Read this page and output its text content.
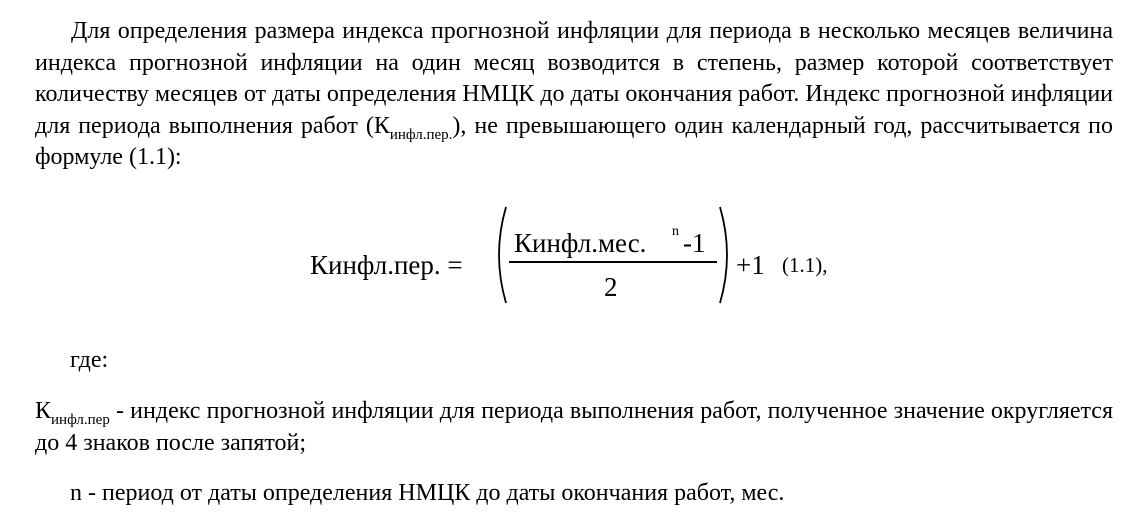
Для определения размера индекса прогнозной инфляции для периода в несколько месяцев величина индекса прогнозной инфляции на один месяц возводится в степень, размер которой соответствует количеству месяцев от даты определения НМЦК до даты окончания работ. Индекс прогнозной инфляции для периода выполнения работ $(К_{инфл.пер.})$, не превышающего один календарный год, рассчитывается по формуле (1.1):

Кинфл.пер. =
Кинфл.мес. n -1
2
+1 (1.1),

где:

$К_{инфл.пер}$ - индекс прогнозной инфляции для периода выполнения работ, полученное значение округляется до 4 знаков после запятой;

n - период от даты определения НМЦК до даты окончания работ, мес.
